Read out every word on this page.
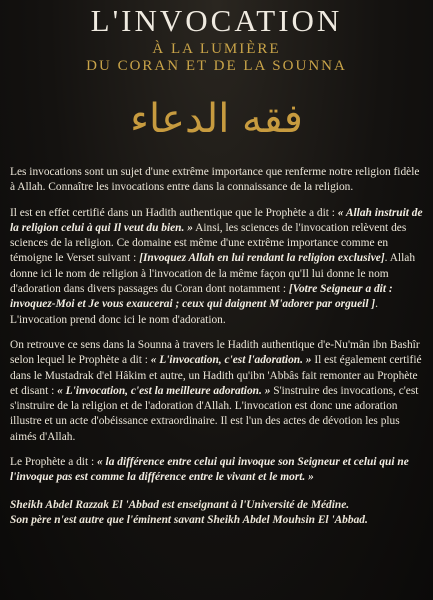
L'INVOCATION
À LA LUMIÈRE
DU CORAN ET DE LA SOUNNA
فقه الدعاء

Les invocations sont un sujet d'une extrême importance que renferme notre religion fidèle à Allah. Connaître les invocations entre dans la connaissance de la religion.

Il est en effet certifié dans un Hadith authentique que le Prophète a dit : « Allah instruit de la religion celui à qui Il veut du bien. » Ainsi, les sciences de l'invocation relèvent des sciences de la religion. Ce domaine est même d'une extrême importance comme en témoigne le Verset suivant : [Invoquez Allah en lui rendant la religion exclusive]. Allah donne ici le nom de religion à l'invocation de la même façon qu'Il lui donne le nom d'adoration dans divers passages du Coran dont notamment : [Votre Seigneur a dit : invoquez-Moi et Je vous exaucerai ; ceux qui daignent M'adorer par orgueil ]. L'invocation prend donc ici le nom d'adoration.

On retrouve ce sens dans la Sounna à travers le Hadith authentique d'e-Nu'mân ibn Bashîr selon lequel le Prophète a dit : « L'invocation, c'est l'adoration. » Il est également certifié dans le Mustadrak d'el Hâkim et autre, un Hadith qu'ibn 'Abbâs fait remonter au Prophète et disant : « L'invocation, c'est la meilleure adoration. » S'instruire des invocations, c'est s'instruire de la religion et de l'adoration d'Allah. L'invocation est donc une adoration illustre et un acte d'obéissance extraordinaire. Il est l'un des actes de dévotion les plus aimés d'Allah.

Le Prophète a dit : « la différence entre celui qui invoque son Seigneur et celui qui ne l'invoque pas est comme la différence entre le vivant et le mort. »

Sheikh Abdel Razzak El 'Abbad est enseignant à l'Université de Médine.
Son père n'est autre que l'éminent savant Sheikh Abdel Mouhsin El 'Abbad.
